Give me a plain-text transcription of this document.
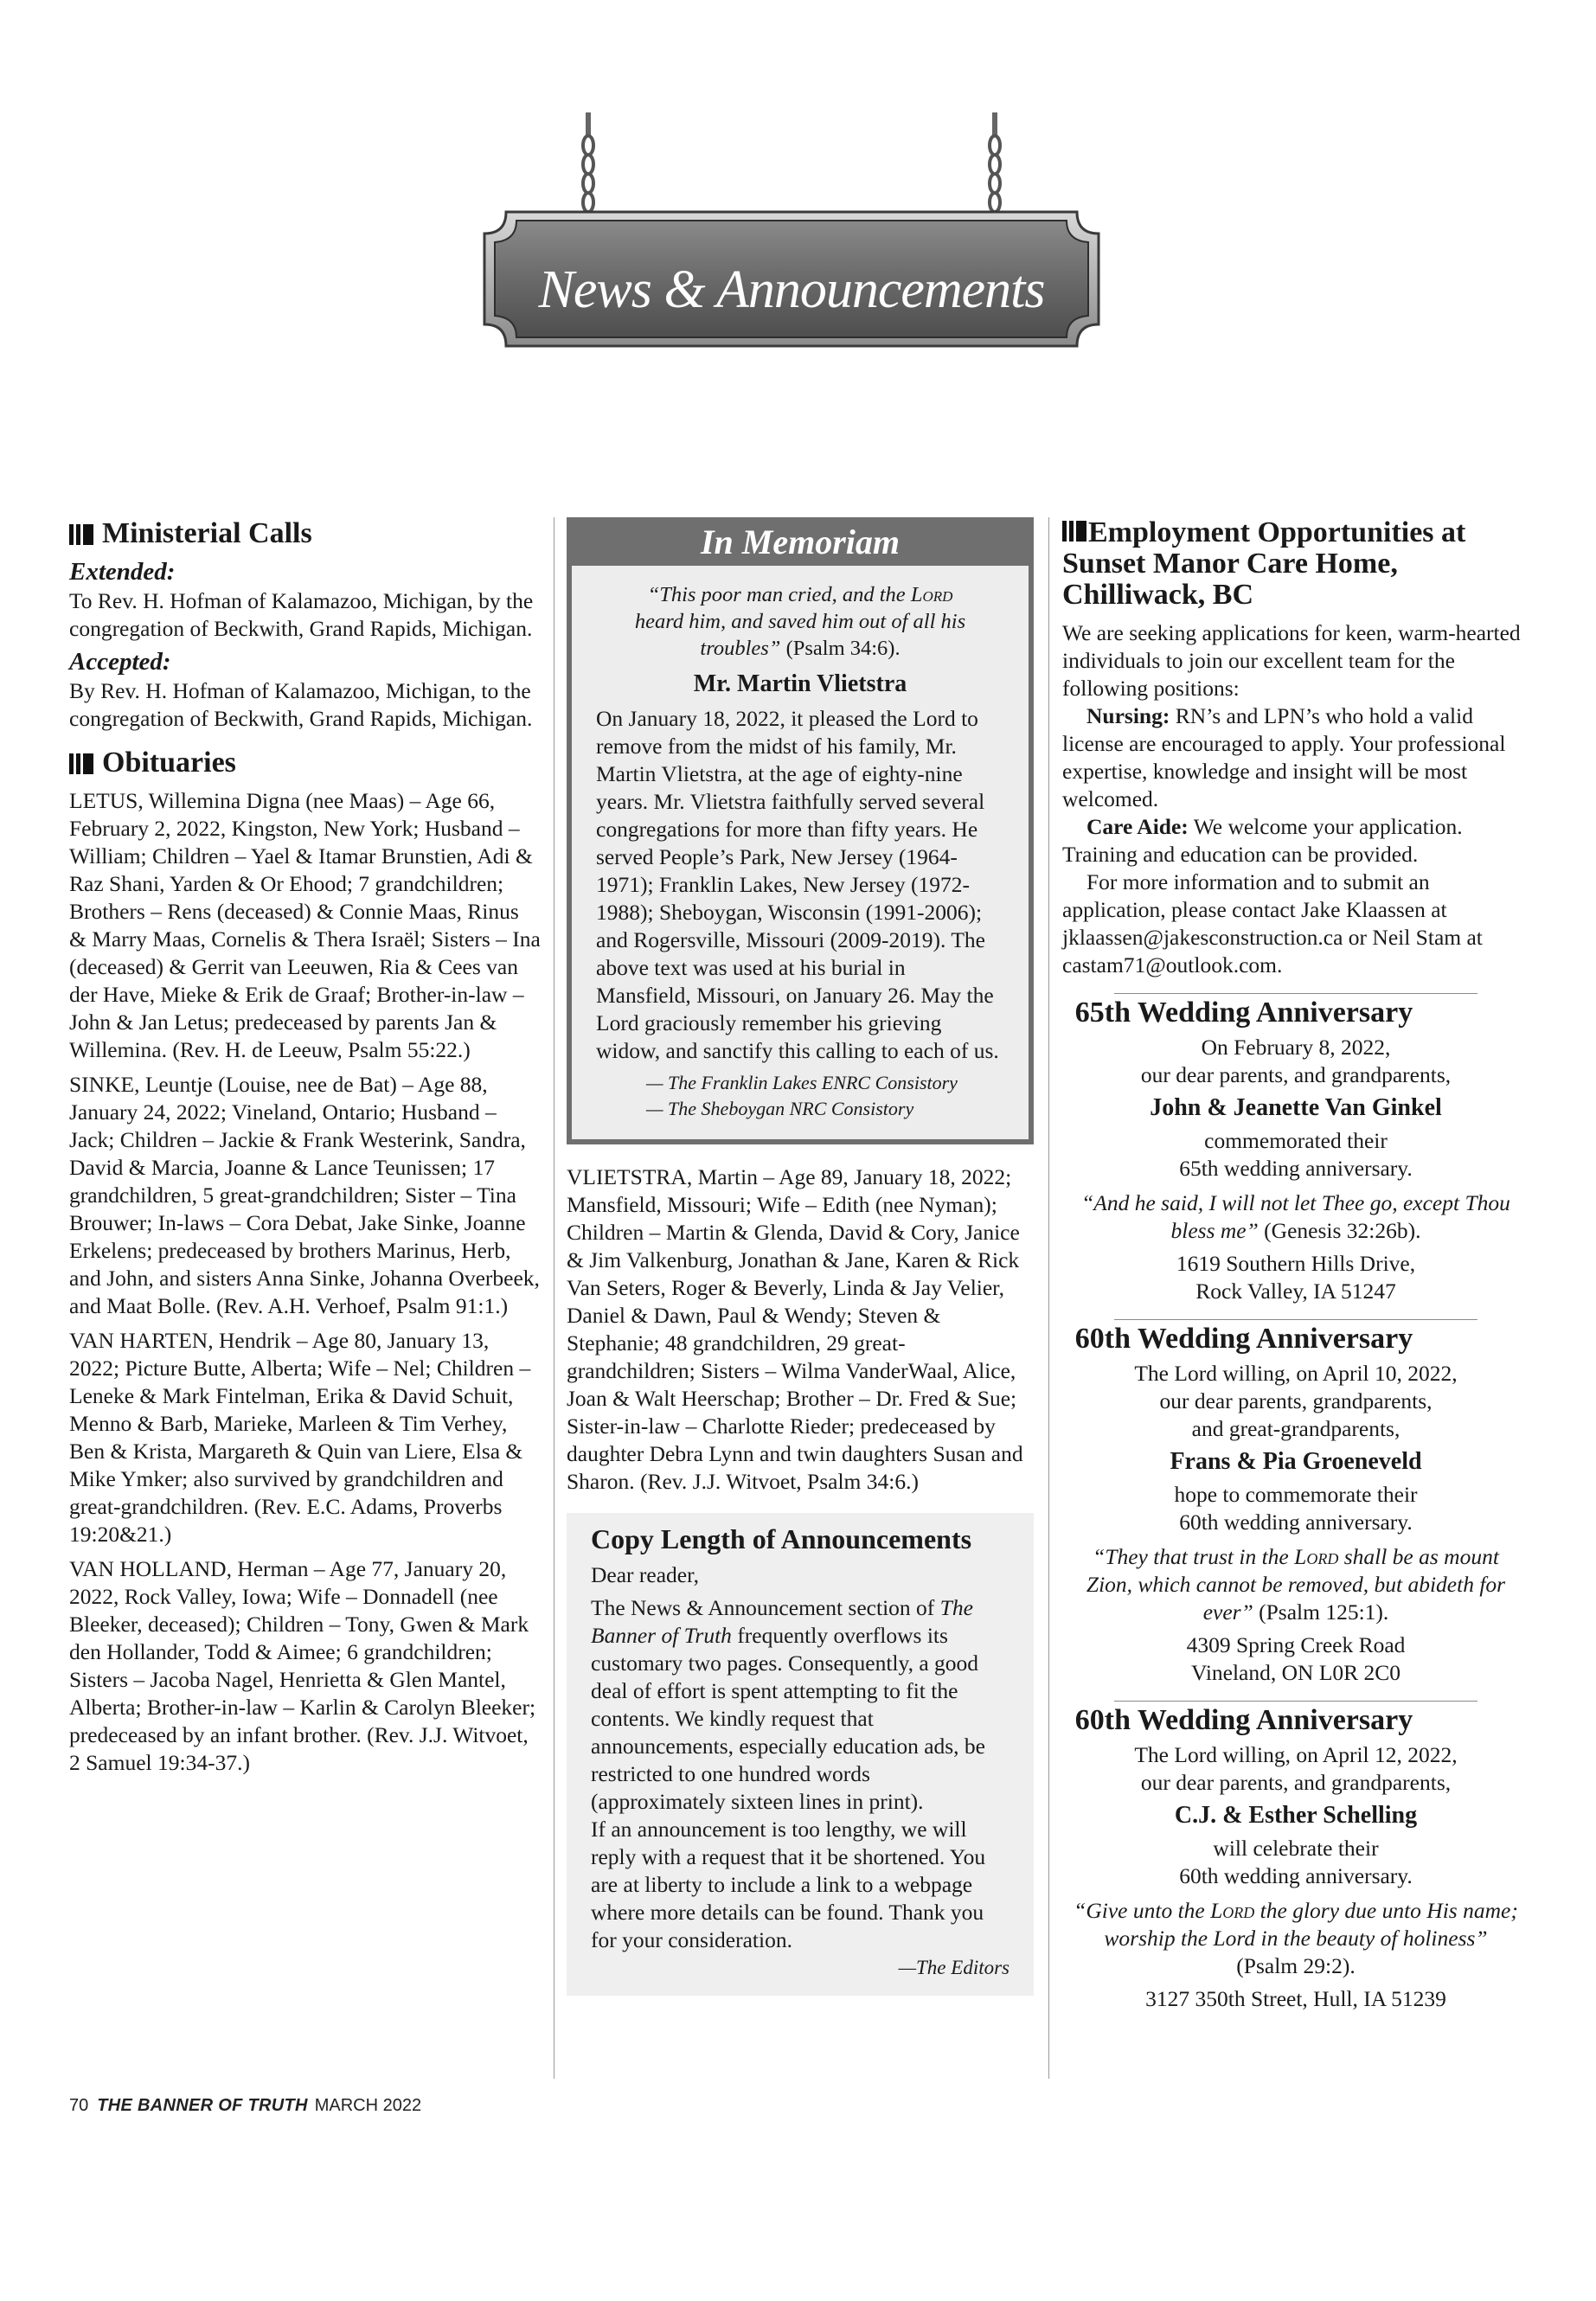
News & Announcements
Ministerial Calls
Extended:

To Rev. H. Hofman of Kalamazoo, Michigan, by the congregation of Beckwith, Grand Rapids, Michigan.

Accepted:

By Rev. H. Hofman of Kalamazoo, Michigan, to the congregation of Beckwith, Grand Rapids, Michigan.

Obituaries

LETUS, Willemina Digna (nee Maas) – Age 66, February 2, 2022, Kingston, New York; Husband – William; Children – Yael & Itamar Brunstien, Adi & Raz Shani, Yarden & Or Ehood; 7 grandchildren; Brothers – Rens (deceased) & Connie Maas, Rinus & Marry Maas, Cornelis & Thera Israël; Sisters – Ina (deceased) & Gerrit van Leeuwen, Ria & Cees van der Have, Mieke & Erik de Graaf; Brother-in-law – John & Jan Letus; predeceased by parents Jan & Willemina. (Rev. H. de Leeuw, Psalm 55:22.)

SINKE, Leuntje (Louise, nee de Bat) – Age 88, January 24, 2022; Vineland, Ontario; Husband – Jack; Children – Jackie & Frank Westerink, Sandra, David & Marcia, Joanne & Lance Teunissen; 17 grandchildren, 5 great-grandchildren; Sister – Tina Brouwer; In-laws – Cora Debat, Jake Sinke, Joanne Erkelens; predeceased by brothers Marinus, Herb, and John, and sisters Anna Sinke, Johanna Overbeek, and Maat Bolle. (Rev. A.H. Verhoef, Psalm 91:1.)

VAN HARTEN, Hendrik – Age 80, January 13, 2022; Picture Butte, Alberta; Wife – Nel; Children – Leneke & Mark Fintelman, Erika & David Schuit, Menno & Barb, Marieke, Marleen & Tim Verhey, Ben & Krista, Margareth & Quin van Liere, Elsa & Mike Ymker; also survived by grandchildren and great-grandchildren. (Rev. E.C. Adams, Proverbs 19:20&21.)

VAN HOLLAND, Herman – Age 77, January 20, 2022, Rock Valley, Iowa; Wife – Donnadell (nee Bleeker, deceased); Children – Tony, Gwen & Mark den Hollander, Todd & Aimee; 6 grandchildren; Sisters – Jacoba Nagel, Henrietta & Glen Mantel, Alberta; Brother-in-law – Karlin & Carolyn Bleeker; predeceased by an infant brother. (Rev. J.J. Witvoet, 2 Samuel 19:34-37.)

In Memoriam
“This poor man cried, and the Lord heard him, and saved him out of all his troubles” (Psalm 34:6).
Mr. Martin Vlietstra

On January 18, 2022, it pleased the Lord to remove from the midst of his family, Mr. Martin Vlietstra, at the age of eighty-nine years. Mr. Vlietstra faithfully served several congregations for more than fifty years. He served People’s Park, New Jersey (1964-1971); Franklin Lakes, New Jersey (1972-1988); Sheboygan, Wisconsin (1991-2006); and Rogersville, Missouri (2009-2019). The above text was used at his burial in Mansfield, Missouri, on January 26. May the Lord graciously remember his grieving widow, and sanctify this calling to each of us.

— The Franklin Lakes ENRC Consistory
— The Sheboygan NRC Consistory

VLIETSTRA, Martin – Age 89, January 18, 2022; Mansfield, Missouri; Wife – Edith (nee Nyman); Children – Martin & Glenda, David & Cory, Janice & Jim Valkenburg, Jonathan & Jane, Karen & Rick Van Seters, Roger & Beverly, Linda & Jay Velier, Daniel & Dawn, Paul & Wendy; Steven & Stephanie; 48 grandchildren, 29 great-grandchildren; Sisters – Wilma VanderWaal, Alice, Joan & Walt Heerschap; Brother – Dr. Fred & Sue; Sister-in-law – Charlotte Rieder; predeceased by daughter Debra Lynn and twin daughters Susan and Sharon. (Rev. J.J. Witvoet, Psalm 34:6.)

Copy Length of Announcements

Dear reader,

The News & Announcement section of The Banner of Truth frequently overflows its customary two pages. Consequently, a good deal of effort is spent attempting to fit the contents. We kindly request that announcements, especially education ads, be restricted to one hundred words (approximately sixteen lines in print).

If an announcement is too lengthy, we will reply with a request that it be shortened. You are at liberty to include a link to a webpage where more details can be found. Thank you for your consideration.

—The Editors
Employment Opportunities at Sunset Manor Care Home, Chilliwack, BC

We are seeking applications for keen, warm-hearted individuals to join our excellent team for the following positions:

Nursing: RN’s and LPN’s who hold a valid license are encouraged to apply. Your professional expertise, knowledge and insight will be most welcomed.

Care Aide: We welcome your application. Training and education can be provided.

For more information and to submit an application, please contact Jake Klaassen at jklaassen@jakesconstruction.ca or Neil Stam at castam71@outlook.com.

65th Wedding Anniversary
On February 8, 2022,
our dear parents, and grandparents,
John & Jeanette Van Ginkel
commemorated their
65th wedding anniversary.
“And he said, I will not let Thee go, except Thou bless me” (Genesis 32:26b).
1619 Southern Hills Drive,
Rock Valley, IA 51247
60th Wedding Anniversary
The Lord willing, on April 10, 2022,
our dear parents, grandparents,
and great-grandparents,
Frans & Pia Groeneveld
hope to commemorate their
60th wedding anniversary.
“They that trust in the Lord shall be as mount Zion, which cannot be removed, but abideth for ever” (Psalm 125:1).
4309 Spring Creek Road
Vineland, ON L0R 2C0
60th Wedding Anniversary
The Lord willing, on April 12, 2022,
our dear parents, and grandparents,
C.J. & Esther Schelling
will celebrate their
60th wedding anniversary.
“Give unto the Lord the glory due unto His name; worship the Lord in the beauty of holiness” (Psalm 29:2).
3127 350th Street, Hull, IA 51239
70 THE BANNER OF TRUTH MARCH 2022
